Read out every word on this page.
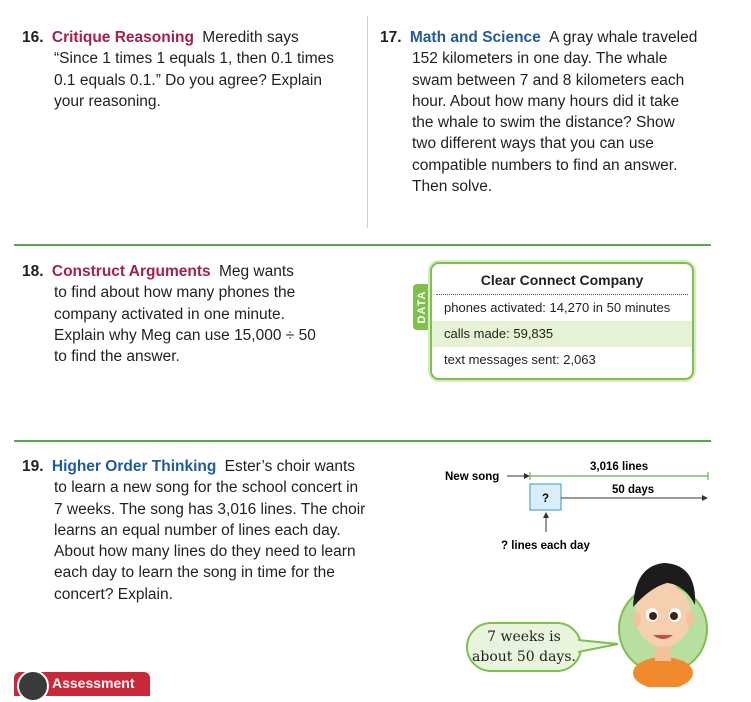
16. Critique Reasoning Meredith says
“Since 1 times 1 equals 1, then 0.1 times
0.1 equals 0.1.” Do you agree? Explain
your reasoning.
17. Math and Science A gray whale traveled
152 kilometers in one day. The whale
swam between 7 and 8 kilometers each
hour. About how many hours did it take
the whale to swim the distance? Show
two different ways that you can use
compatible numbers to find an answer.
Then solve.
18. Construct Arguments Meg wants
to find about how many phones the
company activated in one minute.
Explain why Meg can use 15,000 ÷ 50
to find the answer.
DATA
Clear Connect Company
phones activated: 14,270 in 50 minutes
calls made: 59,835
text messages sent: 2,063
19. Higher Order Thinking Ester’s choir wants
to learn a new song for the school concert in
7 weeks. The song has 3,016 lines. The choir
learns an equal number of lines each day.
About how many lines do they need to learn
each day to learn the song in time for the
concert? Explain.
New song
3,016 lines
?
50 days
? lines each day
7 weeks is
about 50 days.
Assessment
